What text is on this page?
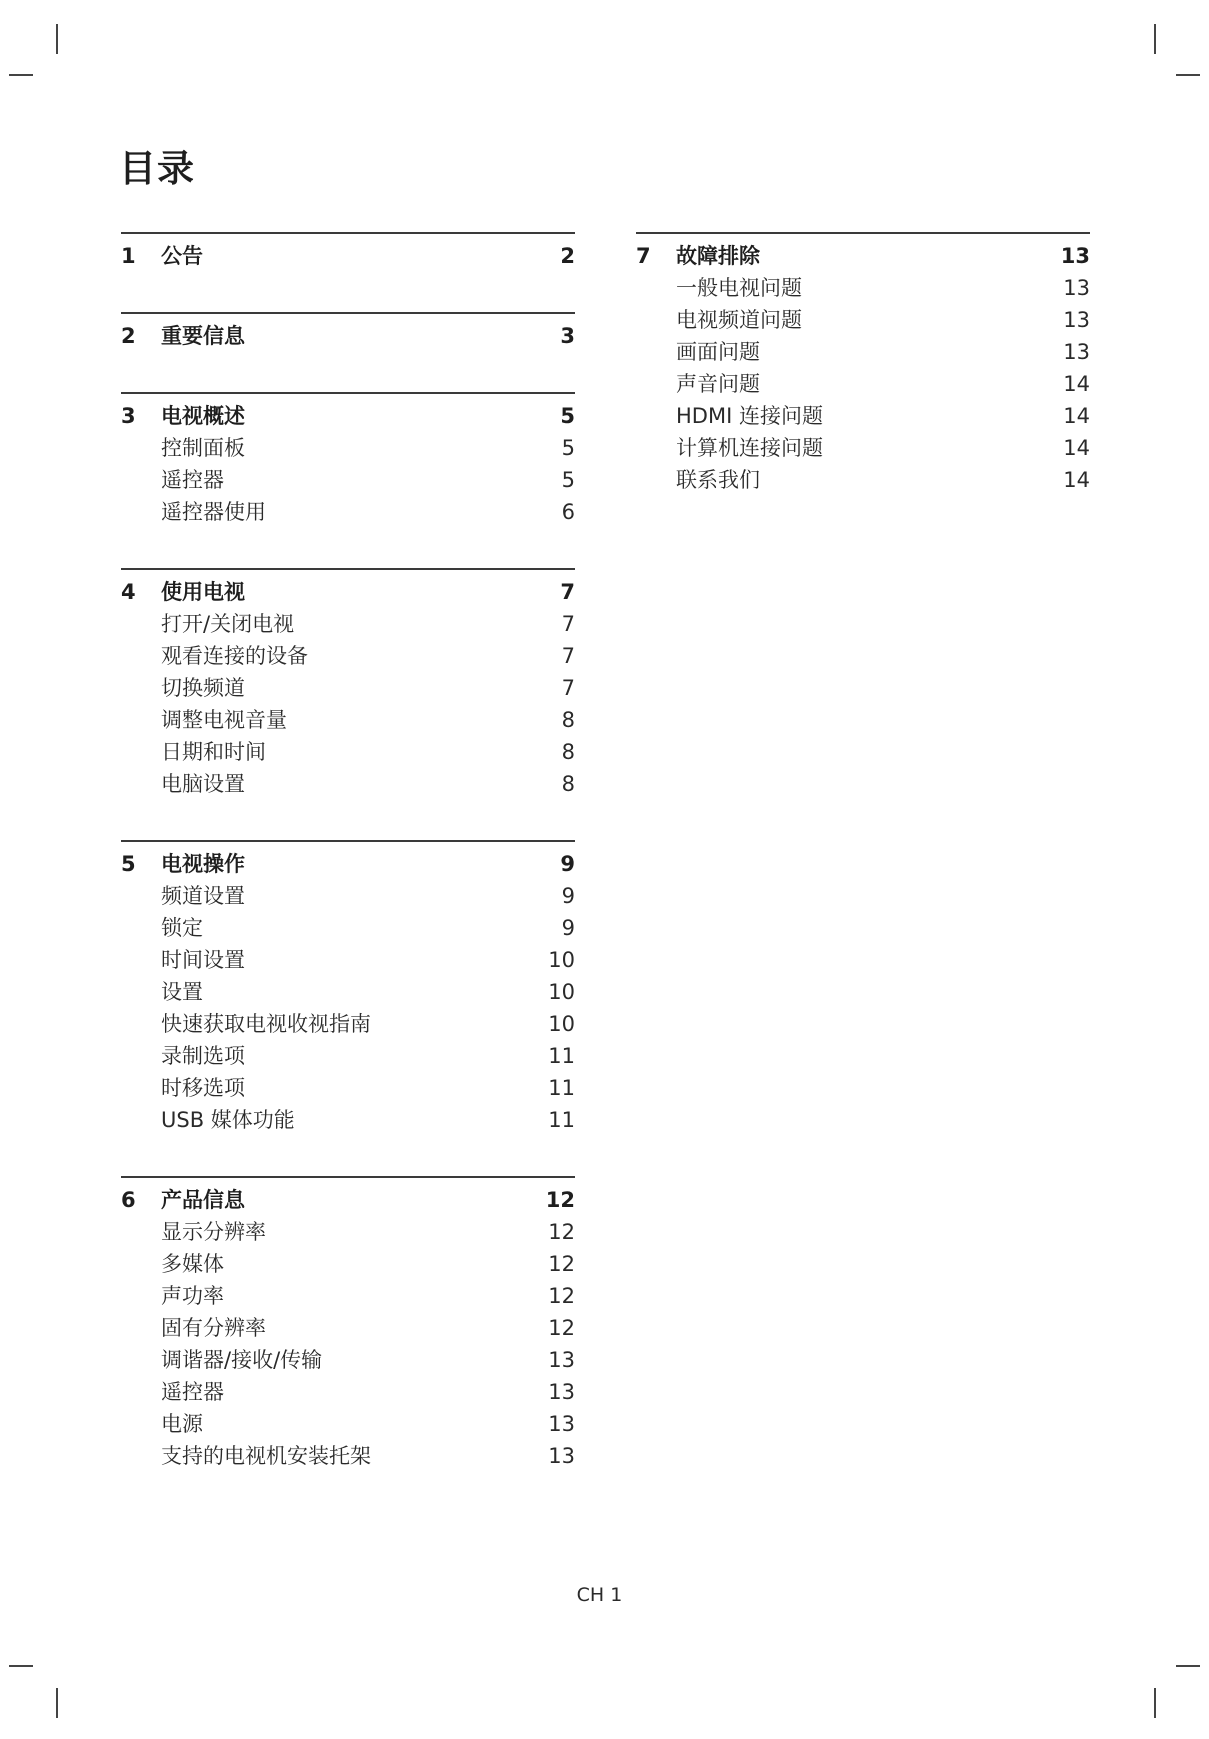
目录
1 公告	2
2 重要信息	3
3 电视概述	5
控制面板	5
遥控器	5
遥控器使用	6
4 使用电视	7
打开/关闭电视	7
观看连接的设备	7
切换频道	7
调整电视音量	8
日期和时间	8
电脑设置	8
5 电视操作	9
频道设置	9
锁定	9
时间设置	10
设置	10
快速获取电视收视指南	10
录制选项	11
时移选项	11
USB 媒体功能	11
6 产品信息	12
显示分辨率	12
多媒体	12
声功率	12
固有分辨率	12
调谐器/接收/传输	13
遥控器	13
电源	13
支持的电视机安装托架	13
7 故障排除	13
一般电视问题	13
电视频道问题	13
画面问题	13
声音问题	14
HDMI 连接问题	14
计算机连接问题	14
联系我们	14
CH 1
